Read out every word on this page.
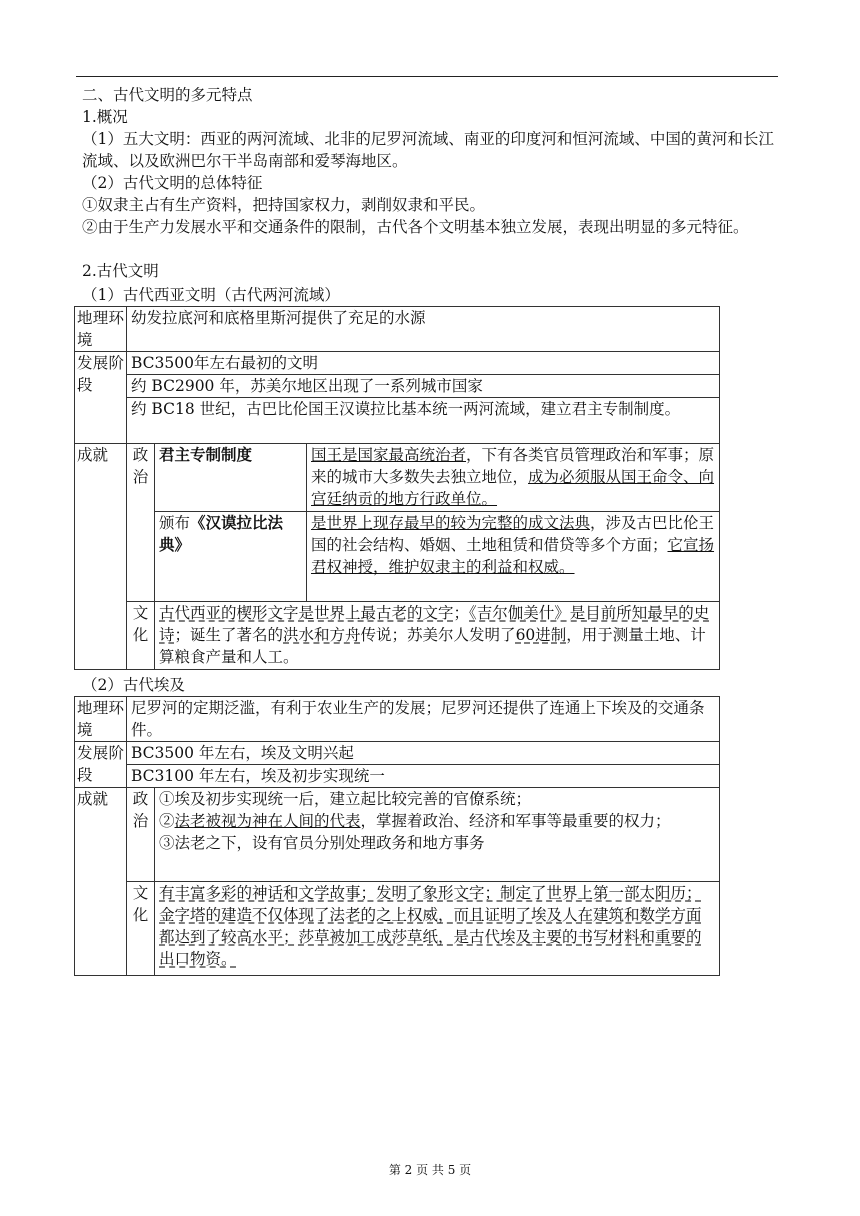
二、古代文明的多元特点
1.概况
（1）五大文明：西亚的两河流域、北非的尼罗河流域、南亚的印度河和恒河流域、中国的黄河和长江流域、以及欧洲巴尔干半岛南部和爱琴海地区。
（2）古代文明的总体特征
①奴隶主占有生产资料，把持国家权力，剥削奴隶和平民。
②由于生产力发展水平和交通条件的限制，古代各个文明基本独立发展，表现出明显的多元特征。
2.古代文明
（1）古代西亚文明（古代两河流域）
地理环境	幼发拉底河和底格里斯河提供了充足的水源		
发展阶段	BC3500年左右最初的文明		
	约 BC2900 年，苏美尔地区出现了一系列城市国家		
	约 BC18 世纪，古巴比伦国王汉谟拉比基本统一两河流域，建立君主专制制度。		
成就	政治	君主专制制度	国王是国家最高统治者，下有各类官员管理政治和军事；原来的城市大多数失去独立地位，成为必须服从国王命令、向宫廷纳贡的地方行政单位。
		颁布《汉谟拉比法典》	是世界上现存最早的较为完整的成文法典，涉及古巴比伦王国的社会结构、婚姻、土地租赁和借贷等多个方面；它宣扬君权神授，维护奴隶主的利益和权威。
	文化	古代西亚的楔形文字是世界上最古老的文字；《吉尔伽美什》是目前所知最早的史诗；诞生了著名的洪水和方舟传说；苏美尔人发明了60进制，用于测量土地、计算粮食产量和人工。	
（2）古代埃及
地理环境	尼罗河的定期泛滥，有利于农业生产的发展；尼罗河还提供了连通上下埃及的交通条件。	
发展阶段	BC3500 年左右，埃及文明兴起	
	BC3100 年左右，埃及初步实现统一	
成就	政治	①埃及初步实现统一后，建立起比较完善的官僚系统；
②法老被视为神在人间的代表，掌握着政治、经济和军事等最重要的权力；
③法老之下，设有官员分别处理政务和地方事务

	文化	有丰富多彩的神话和文学故事；发明了象形文字；制定了世界上第一部太阳历；金字塔的建造不仅体现了法老的之上权威，而且证明了埃及人在建筑和数学方面都达到了较高水平；莎草被加工成莎草纸，是古代埃及主要的书写材料和重要的出口物资。
第 2 页 共 5 页
